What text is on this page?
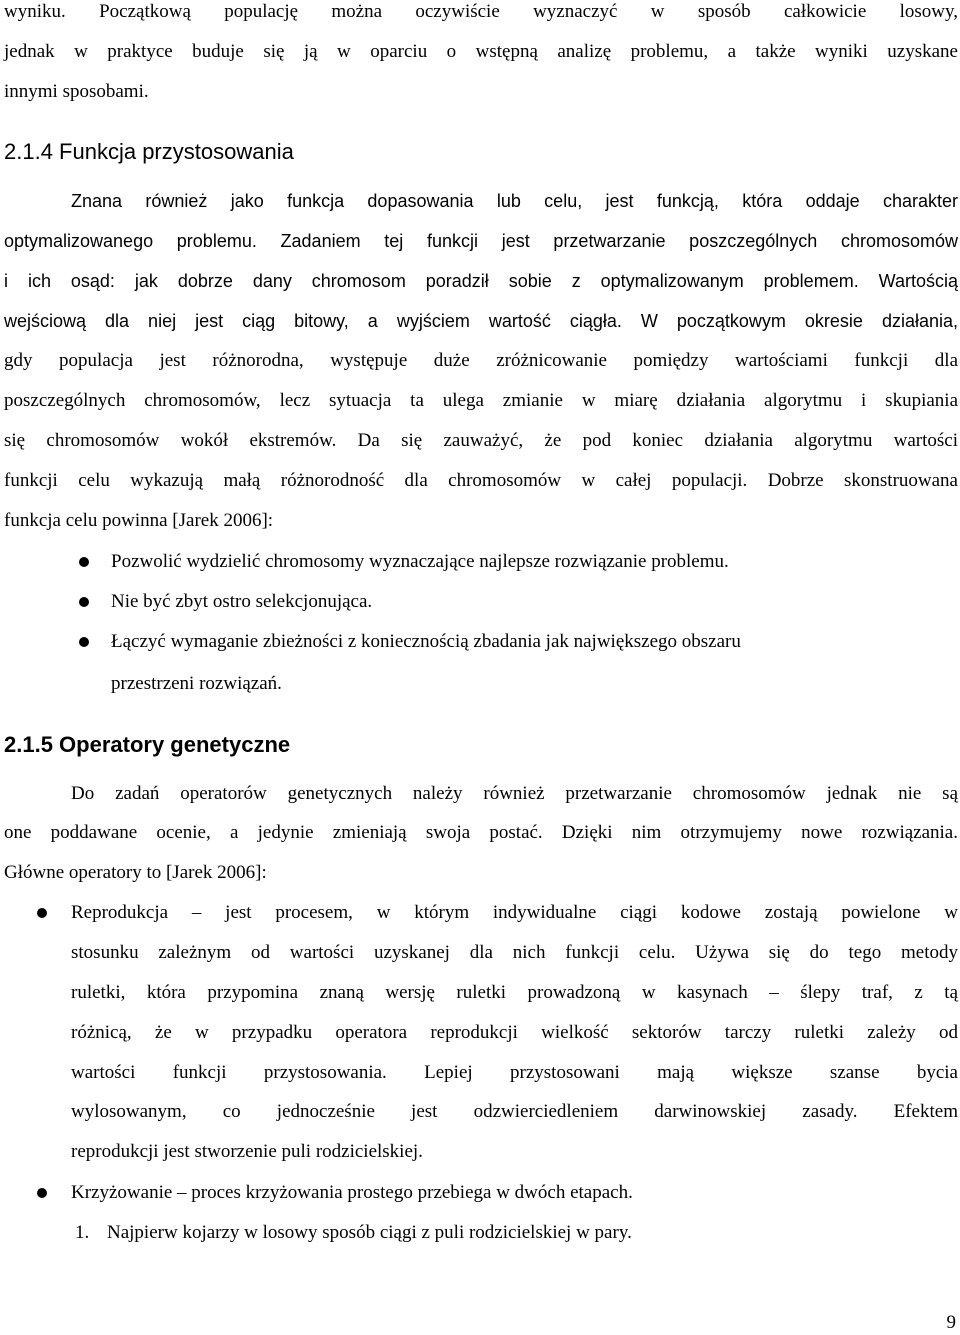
wyniku. Początkową populację można oczywiście wyznaczyć w sposób całkowicie losowy,
jednak w praktyce buduje się ją w oparciu o wstępną analizę problemu, a także wyniki uzyskane
innymi sposobami.
2.1.4 Funkcja przystosowania
Znana również jako funkcja dopasowania lub celu, jest funkcją, która oddaje charakter
optymalizowanego problemu. Zadaniem tej funkcji jest przetwarzanie poszczególnych chromosomów
i ich osąd: jak dobrze dany chromosom poradził sobie z optymalizowanym problemem. Wartością
wejściową dla niej jest ciąg bitowy, a wyjściem wartość ciągła. W początkowym okresie działania,
gdy populacja jest różnorodna, występuje duże zróżnicowanie pomiędzy wartościami funkcji dla
poszczególnych chromosomów, lecz sytuacja ta ulega zmianie w miarę działania algorytmu i skupiania
się chromosomów wokół ekstremów. Da się zauważyć, że pod koniec działania algorytmu wartości
funkcji celu wykazują małą różnorodność dla chromosomów w całej populacji. Dobrze skonstruowana
funkcja celu powinna [Jarek 2006]:
Pozwolić wydzielić chromosomy wyznaczające najlepsze rozwiązanie problemu.
Nie być zbyt ostro selekcjonująca.
Łączyć wymaganie zbieżności z koniecznością zbadania jak największego obszaru
przestrzeni rozwiązań.
2.1.5 Operatory genetyczne
Do zadań operatorów genetycznych należy również przetwarzanie chromosomów jednak nie są
one poddawane ocenie, a jedynie zmieniają swoja postać. Dzięki nim otrzymujemy nowe rozwiązania.
Główne operatory to [Jarek 2006]:
Reprodukcja – jest procesem, w którym indywidualne ciągi kodowe zostają powielone w
stosunku zależnym od wartości uzyskanej dla nich funkcji celu. Używa się do tego metody
ruletki, która przypomina znaną wersję ruletki prowadzoną w kasynach – ślepy traf, z tą
różnicą, że w przypadku operatora reprodukcji wielkość sektorów tarczy ruletki zależy od
wartości funkcji przystosowania. Lepiej przystosowani mają większe szanse bycia
wylosowanym, co jednocześnie jest odzwierciedleniem darwinowskiej zasady. Efektem
reprodukcji jest stworzenie puli rodzicielskiej.
Krzyżowanie – proces krzyżowania prostego przebiega w dwóch etapach.
1. Najpierw kojarzy w losowy sposób ciągi z puli rodzicielskiej w pary.
9
